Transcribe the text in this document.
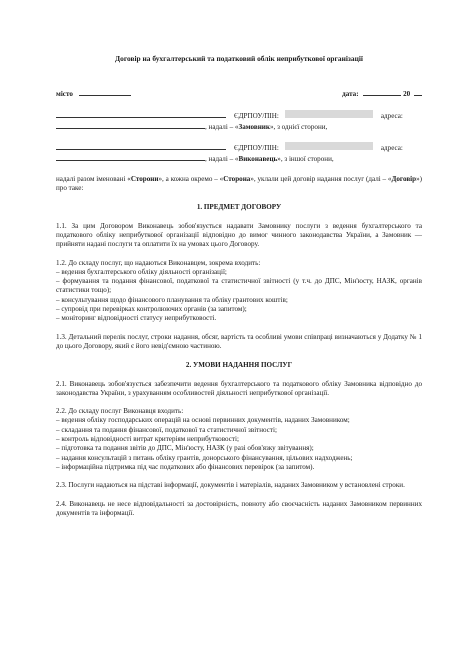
Договір на бухгалтерський та податковий облік неприбуткової організації
місто	дата:	20
ЄДРПОУ/ПІН:	адреса:
, надалі – « Замовник », з однієї сторони,
ЄДРПОУ/ПІН:	адреса:
, надалі – « Виконавець », з іншої сторони,

надалі разом іменовані «Сторони», а кожна окремо – «Сторона», уклали цей договір надання послуг (далі – «Договір») про таке:

1. ПРЕДМЕТ ДОГОВОРУ

1.1. За цим Договором Виконавець зобов'язується надавати Замовнику послуги з ведення бухгалтерського та податкового обліку неприбуткової організації відповідно до вимог чинного законодавства України, а Замовник — прийняти надані послуги та оплатити їх на умовах цього Договору.

1.2. До складу послуг, що надаються Виконавцем, зокрема входить:

– ведення бухгалтерського обліку діяльності організації;

– формування та подання фінансової, податкової та статистичної звітності (у т.ч. до ДПС, Мін'юсту, НАЗК, органів статистики тощо);

– консультування щодо фінансового планування та обліку грантових коштів;

– супровід при перевірках контролюючих органів (за запитом);

– моніторинг відповідності статусу неприбутковості.

1.3. Детальний перелік послуг, строки надання, обсяг, вартість та особливі умови співпраці визначаються у Додатку № 1 до цього Договору, який є його невід'ємною частиною.

2. УМОВИ НАДАННЯ ПОСЛУГ

2.1. Виконавець зобов'язується забезпечити ведення бухгалтерського та податкового обліку Замовника відповідно до законодавства України, з урахуванням особливостей діяльності неприбуткової організації.

2.2. До складу послуг Виконавця входить:

– ведення обліку господарських операцій на основі первинних документів, наданих Замовником;

– складання та подання фінансової, податкової та статистичної звітності;

– контроль відповідності витрат критеріям неприбутковості;

– підготовка та подання звітів до ДПС, Мін'юсту, НАЗК (у разі обов'язку звітування);

– надання консультацій з питань обліку грантів, донорського фінансування, цільових надходжень;

– інформаційна підтримка під час податкових або фінансових перевірок (за запитом).

2.3. Послуги надаються на підставі інформації, документів і матеріалів, наданих Замовником у встановлені строки.

2.4. Виконавець не несе відповідальності за достовірність, повноту або своєчасність наданих Замовником первинних документів та інформації.
